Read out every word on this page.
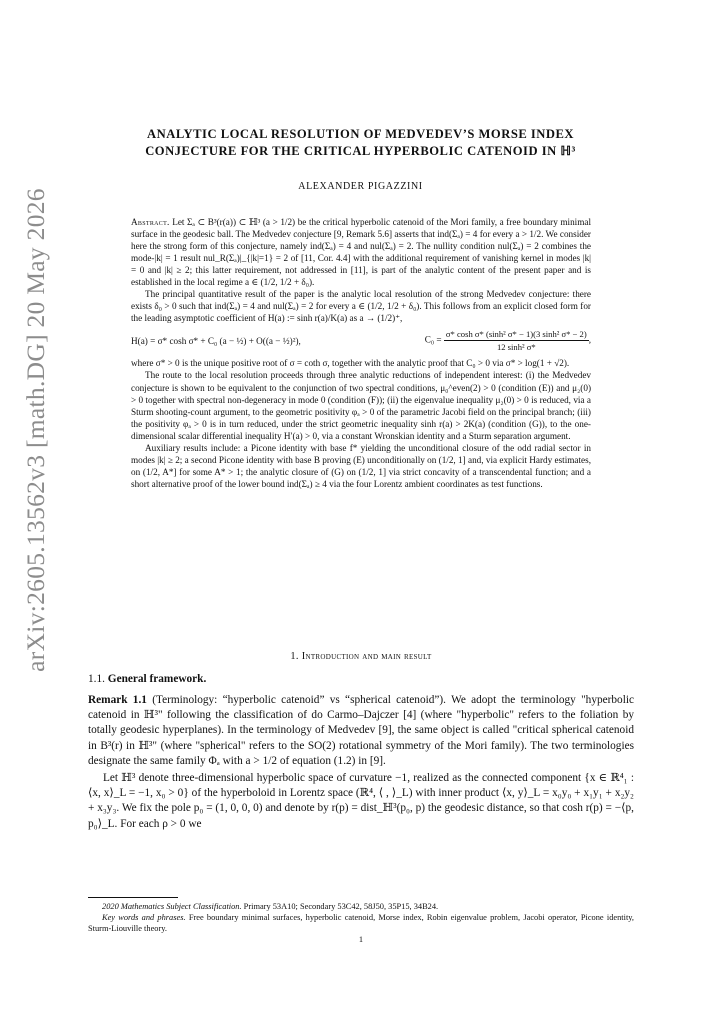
arXiv:2605.13562v3 [math.DG] 20 May 2026
ANALYTIC LOCAL RESOLUTION OF MEDVEDEV’S MORSE INDEX
CONJECTURE FOR THE CRITICAL HYPERBOLIC CATENOID IN ℍ³
ALEXANDER PIGAZZINI

Abstract. Let Σₐ ⊂ B³(r(a)) ⊂ ℍ³ (a > 1/2) be the critical hyperbolic catenoid of the Mori family, a free boundary minimal surface in the geodesic ball. The Medvedev conjecture [9, Remark 5.6] asserts that ind(Σₐ) = 4 for every a > 1/2. We consider here the strong form of this conjecture, namely ind(Σₐ) = 4 and nul(Σₐ) = 2. The nullity condition nul(Σₐ) = 2 combines the mode-|k| = 1 result nul_R(Σₐ)|_{|k|=1} = 2 of [11, Cor. 4.4] with the additional requirement of vanishing kernel in modes |k| = 0 and |k| ≥ 2; this latter requirement, not addressed in [11], is part of the analytic content of the present paper and is established in the local regime a ∈ (1/2, 1/2 + δ₀).

The principal quantitative result of the paper is the analytic local resolution of the strong Medvedev conjecture: there exists δ₀ > 0 such that ind(Σₐ) = 4 and nul(Σₐ) = 2 for every a ∈ (1/2, 1/2 + δ₀). This follows from an explicit closed form for the leading asymptotic coefficient of H(a) := sinh r(a)/K(a) as a → (1/2)⁺,

H(a) = σ* cosh σ* + C₀ (a − ½) + O((a − ½)²),	$C_0 = \frac{\text{σ* cosh σ* (sinh² σ* − 1)(3 sinh² σ* − 2)}}{\text{12 sinh² σ*}}$ ,

where σ* > 0 is the unique positive root of σ = coth σ, together with the analytic proof that C₀ > 0 via σ* > log(1 + √2).

The route to the local resolution proceeds through three analytic reductions of independent interest: (i) the Medvedev conjecture is shown to be equivalent to the conjunction of two spectral conditions, μ₀^even(2) > 0 (condition (E)) and μ₂(0) > 0 together with spectral non-degeneracy in mode 0 (condition (F)); (ii) the eigenvalue inequality μ₂(0) > 0 is reduced, via a Sturm shooting-count argument, to the geometric positivity φₐ > 0 of the parametric Jacobi field on the principal branch; (iii) the positivity φₐ > 0 is in turn reduced, under the strict geometric inequality sinh r(a) > 2K(a) (condition (G)), to the one-dimensional scalar differential inequality H′(a) > 0, via a constant Wronskian identity and a Sturm separation argument.

Auxiliary results include: a Picone identity with base f* yielding the unconditional closure of the odd radial sector in modes |k| ≥ 2; a second Picone identity with base B proving (E) unconditionally on (1/2, 1] and, via explicit Hardy estimates, on (1/2, A*] for some A* > 1; the analytic closure of (G) on (1/2, 1] via strict concavity of a transcendental function; and a short alternative proof of the lower bound ind(Σₐ) ≥ 4 via the four Lorentz ambient coordinates as test functions.

1. Introduction and main result
1.1. General framework.

Remark 1.1 (Terminology: “hyperbolic catenoid” vs “spherical catenoid”). We adopt the terminology "hyperbolic catenoid in ℍ³" following the classification of do Carmo–Dajczer [4] (where "hyperbolic" refers to the foliation by totally geodesic hyperplanes). In the terminology of Medvedev [9], the same object is called "critical spherical catenoid in B³(r) in ℍ³" (where "spherical" refers to the SO(2) rotational symmetry of the Mori family). The two terminologies designate the same family Φₐ with a > 1/2 of equation (1.2) in [9].

Let ℍ³ denote three-dimensional hyperbolic space of curvature −1, realized as the connected component {x ∈ ℝ⁴₁ : ⟨x, x⟩_L = −1, x₀ > 0} of the hyperboloid in Lorentz space (ℝ⁴, ⟨ , ⟩_L) with inner product ⟨x, y⟩_L = x₀y₀ + x₁y₁ + x₂y₂ + x₃y₃. We fix the pole p₀ = (1, 0, 0, 0) and denote by r(p) = dist_ℍ³(p₀, p) the geodesic distance, so that cosh r(p) = −⟨p, p₀⟩_L. For each ρ > 0 we

2020 Mathematics Subject Classification. Primary 53A10; Secondary 53C42, 58J50, 35P15, 34B24.

Key words and phrases. Free boundary minimal surfaces, hyperbolic catenoid, Morse index, Robin eigenvalue problem, Jacobi operator, Picone identity, Sturm-Liouville theory.

1
